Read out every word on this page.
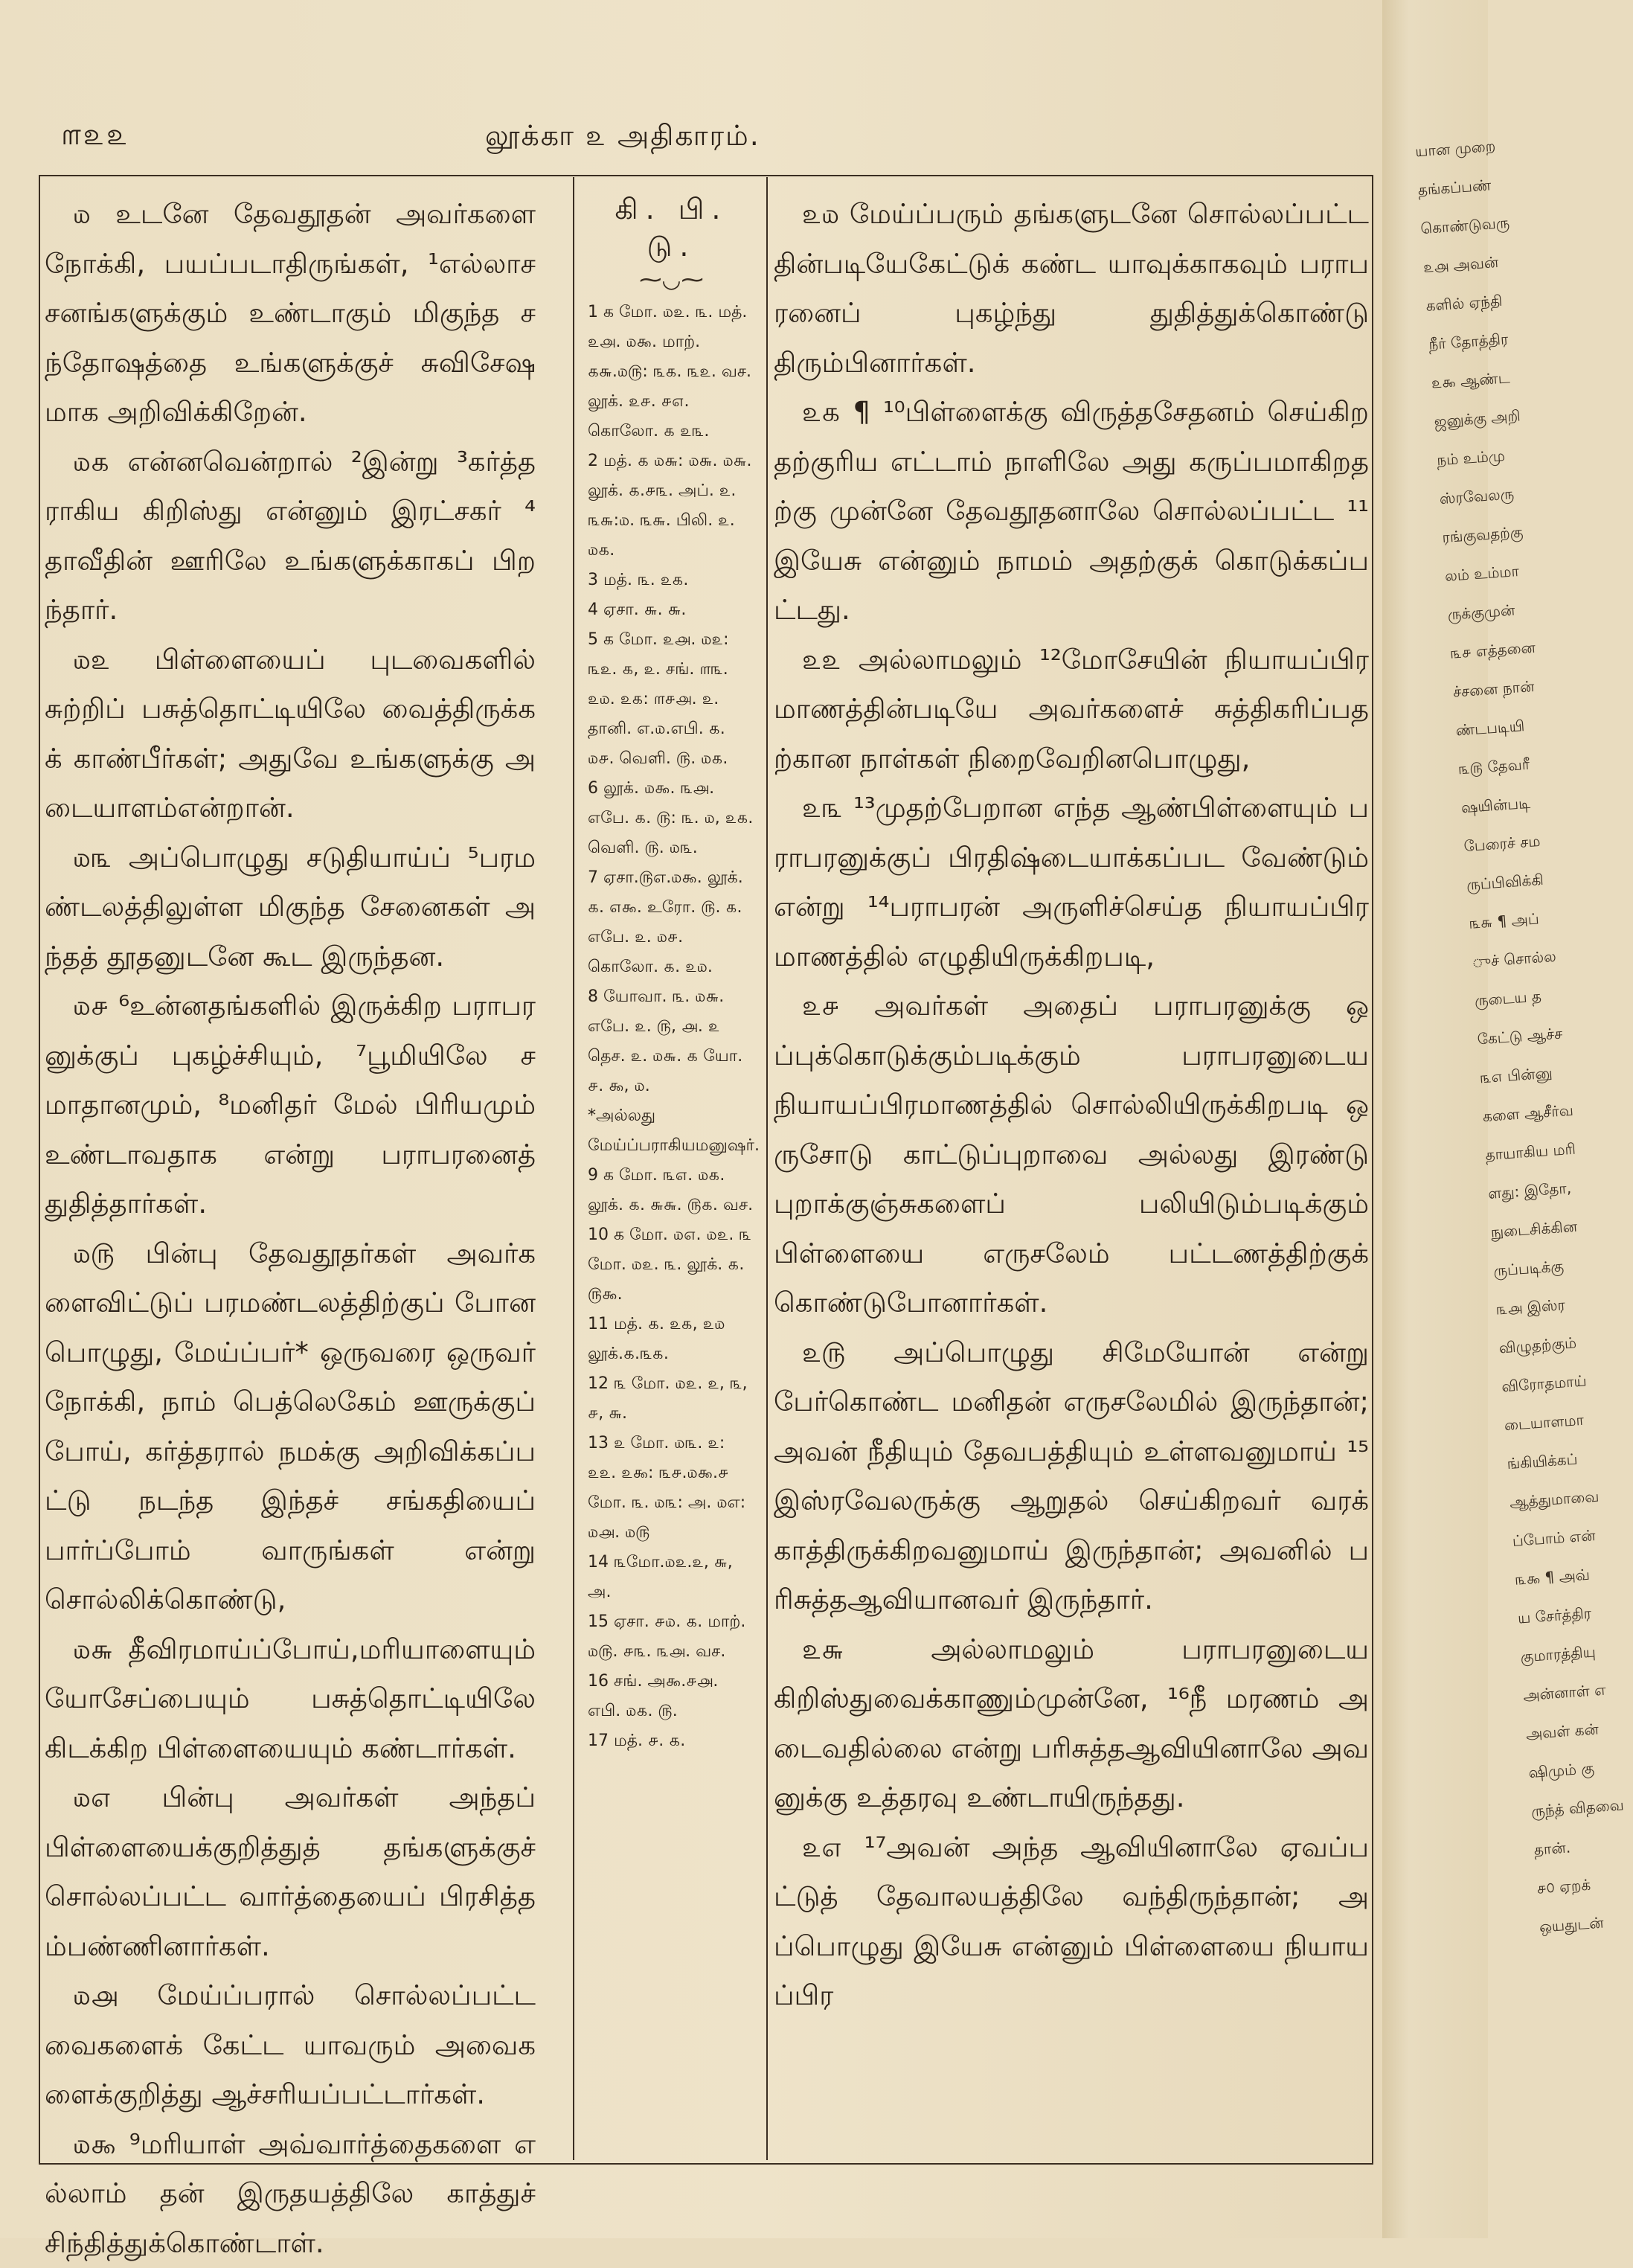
௱௨௨	லூக்கா ௨ அதிகாரம்.

௰ உடனே தேவதூதன் அவர்களை நோக்கி, பயப்படாதிருங்கள், ¹எல்லாச சனங்களுக்கும் உண்டாகும் மிகுந்த சந்தோஷத்தை உங்களுக்குச் சுவிசேஷமாக அறிவிக்கிறேன்.

௰௧ என்னவென்றால் ²இன்று ³கர்த்தராகிய கிறிஸ்து என்னும் இரட்சகர் ⁴தாவீதின் ஊரிலே உங்களுக்காகப் பிறந்தார்.

௰௨ பிள்ளையைப் புடவைகளில் சுற்றிப் பசுத்தொட்டியிலே வைத்திருக்கக் காண்பீர்கள்; அதுவே உங்களுக்கு அடையாளம்என்றான்.

௰௩ அப்பொழுது சடுதியாய்ப் ⁵பரமண்டலத்திலுள்ள மிகுந்த சேனைகள் அந்தத் தூதனுடனே கூட இருந்தன.

௰௪ ⁶உன்னதங்களில் இருக்கிற பராபரனுக்குப் புகழ்ச்சியும், ⁷பூமியிலே சமாதானமும், ⁸மனிதர் மேல் பிரியமும் உண்டாவதாக என்று பராபரனைத் துதித்தார்கள்.

௰௫ பின்பு தேவதூதர்கள் அவர்களைவிட்டுப் பரமண்டலத்திற்குப் போனபொழுது, மேய்ப்பர்* ஒருவரை ஒருவர் நோக்கி, நாம் பெத்லெகேம் ஊருக்குப் போய், கர்த்தரால் நமக்கு அறிவிக்கப்பட்டு நடந்த இந்தச் சங்கதியைப் பார்ப்போம் வாருங்கள் என்று சொல்லிக்கொண்டு,

௰௬ தீவிரமாய்ப்போய்,மரியாளையும் யோசேப்பையும் பசுத்தொட்டியிலே கிடக்கிற பிள்ளையையும் கண்டார்கள்.

௰௭ பின்பு அவர்கள் அந்தப் பிள்ளையைக்குறித்துத் தங்களுக்குச் சொல்லப்பட்ட வார்த்தையைப் பிரசித்தம்பண்ணினார்கள்.

௰௮ மேய்ப்பரால் சொல்லப்பட்டவைகளைக் கேட்ட யாவரும் அவைகளைக்குறித்து ஆச்சரியப்பட்டார்கள்.

௰௯ ⁹மரியாள் அவ்வார்த்தைகளை எல்லாம் தன் இருதயத்திலே காத்துச் சிந்தித்துக்கொண்டாள்.

கி. பி. டு.

⁓◡⁓

1 க மோ. ௰௨. ௩. மத். ௨௮. ௰௯. மாற். ௧௬.௰௫: ௩௧. ௩௨. வச. லூக். ௨௪. ௪௭. கொலோ. ௧ ௨௩.

2 மத். ௧ ௰௬: ௰௬. ௰௬. லூக். ௧.௪௩. அப். ௨. ௩௬:௰. ௩௬. பிலி. ௨. ௰௧.

3 மத். ௩. ௨௧.

4 ஏசா. ௬. ௬.

5 க மோ. ௨௮. ௰௨: ௩௨. ௧, ௨. சங். ௱௩. ௨௰. ௨௧: ௱௪௮. ௨. தானி. எ.௰.எபி. ௧. ௰௪. வெளி. ௫. ௰௧.

6 லூக். ௰௯. ௩௮. எபே. ௧. ௫: ௩. ௰, ௨௧. வெளி. ௫. ௰௩.

7 ஏசா.௫எ.௰௯. லூக். ௧. ௭௯. உரோ. ௫. ௧. எபே. ௨. ௰௪. கொலோ. ௧. ௨௰.

8 யோவா. ௩. ௰௬. எபே. ௨. ௫, ௮. ௨ தெச. ௨. ௰௬. ௧ யோ. ௪. ௯, ௰.

*அல்லது மேய்ப்பராகியமனுஷர்.

9 க மோ. ௩௭. ௰௧. லூக். ௧. ௬௬. ௫௧. வச.

10 க மோ. ௰௭. ௰௨. ௩ மோ. ௰௨. ௩. லூக். ௧. ௫௯.

11 மத். ௧. ௨௧, ௨௰ லூக்.௧.௩௧.

12 ௩ மோ. ௰௨. ௨, ௩, ௪, ௬.

13 ௨ மோ. ௰௩. ௨: ௨௨. ௨௯: ௩௪.௰௯.௪ மோ. ௩. ௰௩: அ. ௰எ: ௰௮. ௰௫

14 ௩மோ.௰௨.௨, ௬, அ.

15 ஏசா. ௪௰. ௧. மாற். ௰௫. ௪௩. ௩௮. வச.

16 சங். அ௯.௪௮. எபி. ௰௧. ௫.

17 மத். ௪. ௧.

௨௰ மேய்ப்பரும் தங்களுடனே சொல்லப்பட்டதின்படியேகேட்டுக் கண்ட யாவுக்காகவும் பராபரனைப் புகழ்ந்து துதித்துக்கொண்டு திரும்பினார்கள்.

௨௧ ¶ ¹⁰பிள்ளைக்கு விருத்தசேதனம் செய்கிறதற்குரிய எட்டாம் நாளிலே அது கருப்பமாகிறதற்கு முன்னே தேவதூதனாலே சொல்லப்பட்ட ¹¹இயேசு என்னும் நாமம் அதற்குக் கொடுக்கப்பட்டது.

௨௨ அல்லாமலும் ¹²மோசேயின் நியாயப்பிரமாணத்தின்படியே அவர்களைச் சுத்திகரிப்பதற்கான நாள்கள் நிறைவேறினபொழுது,

௨௩ ¹³முதற்பேறான எந்த ஆண்பிள்ளையும் பராபரனுக்குப் பிரதிஷ்டையாக்கப்பட வேண்டும் என்று ¹⁴பராபரன் அருளிச்செய்த நியாயப்பிரமாணத்தில் எழுதியிருக்கிறபடி,

௨௪ அவர்கள் அதைப் பராபரனுக்கு ஒப்புக்கொடுக்கும்படிக்கும் பராபரனுடைய நியாயப்பிரமாணத்தில் சொல்லியிருக்கிறபடி ஒருசோடு காட்டுப்புறாவை அல்லது இரண்டு புறாக்குஞ்சுகளைப் பலியிடும்படிக்கும் பிள்ளையை எருசலேம் பட்டணத்திற்குக் கொண்டுபோனார்கள்.

௨௫ அப்பொழுது சிமேயோன் என்று பேர்கொண்ட மனிதன் எருசலேமில் இருந்தான்; அவன் நீதியும் தேவபத்தியும் உள்ளவனுமாய் ¹⁵இஸ்ரவேலருக்கு ஆறுதல் செய்கிறவர் வரக் காத்திருக்கிறவனுமாய் இருந்தான்; அவனில் பரிசுத்தஆவியானவர் இருந்தார்.

௨௬ அல்லாமலும் பராபரனுடைய கிறிஸ்துவைக்காணும்முன்னே, ¹⁶நீ மரணம் அடைவதில்லை என்று பரிசுத்தஆவியினாலே அவனுக்கு உத்தரவு உண்டாயிருந்தது.

௨௭ ¹⁷அவன் அந்த ஆவியினாலே ஏவப்பட்டுத் தேவாலயத்திலே வந்திருந்தான்; அப்பொழுது இயேசு என்னும் பிள்ளையை நியாயப்பிர

யான முறை
தங்கப்பண்
கொண்டுவரு
௨௮ அவன்
களில் ஏந்தி
நீர் தோத்திர
௨௯ ஆண்ட
ஜனுக்கு அறி
நம் உம்மு
ஸ்ரவேலரு
ரங்குவதற்கு
லம் உம்மா
ருக்குமுன்
௩௪ எத்தனை
ச்சனை நான்
ண்டபடியி
௩௫ தேவரீ
ஷயின்படி
பேரைச் சம
ருப்பிவிக்கி
௩௬ ¶ அப்
ுச் சொல்ல
ருடைய த
கேட்டு ஆச்ச
௩௭ பின்னு
களை ஆசீர்வ
தாயாகிய மரி
ளது: இதோ,
நுடைசிக்கின
ருப்படிக்கு
௩௮ இஸ்ர
விழுதற்கும்
விரோதமாய்
டையாளமா
ங்கியிக்கப்
ஆத்துமாவை
ப்போம் என்
௩௯ ¶ அவ்
ய சேர்த்திர
குமாரத்தியு
அன்னாள் எ
அவள் கன்
ஷிமும் கு
ருந்த் விதவை
தான்.
௪௦ ஏறக்
ஒயதுடன்
